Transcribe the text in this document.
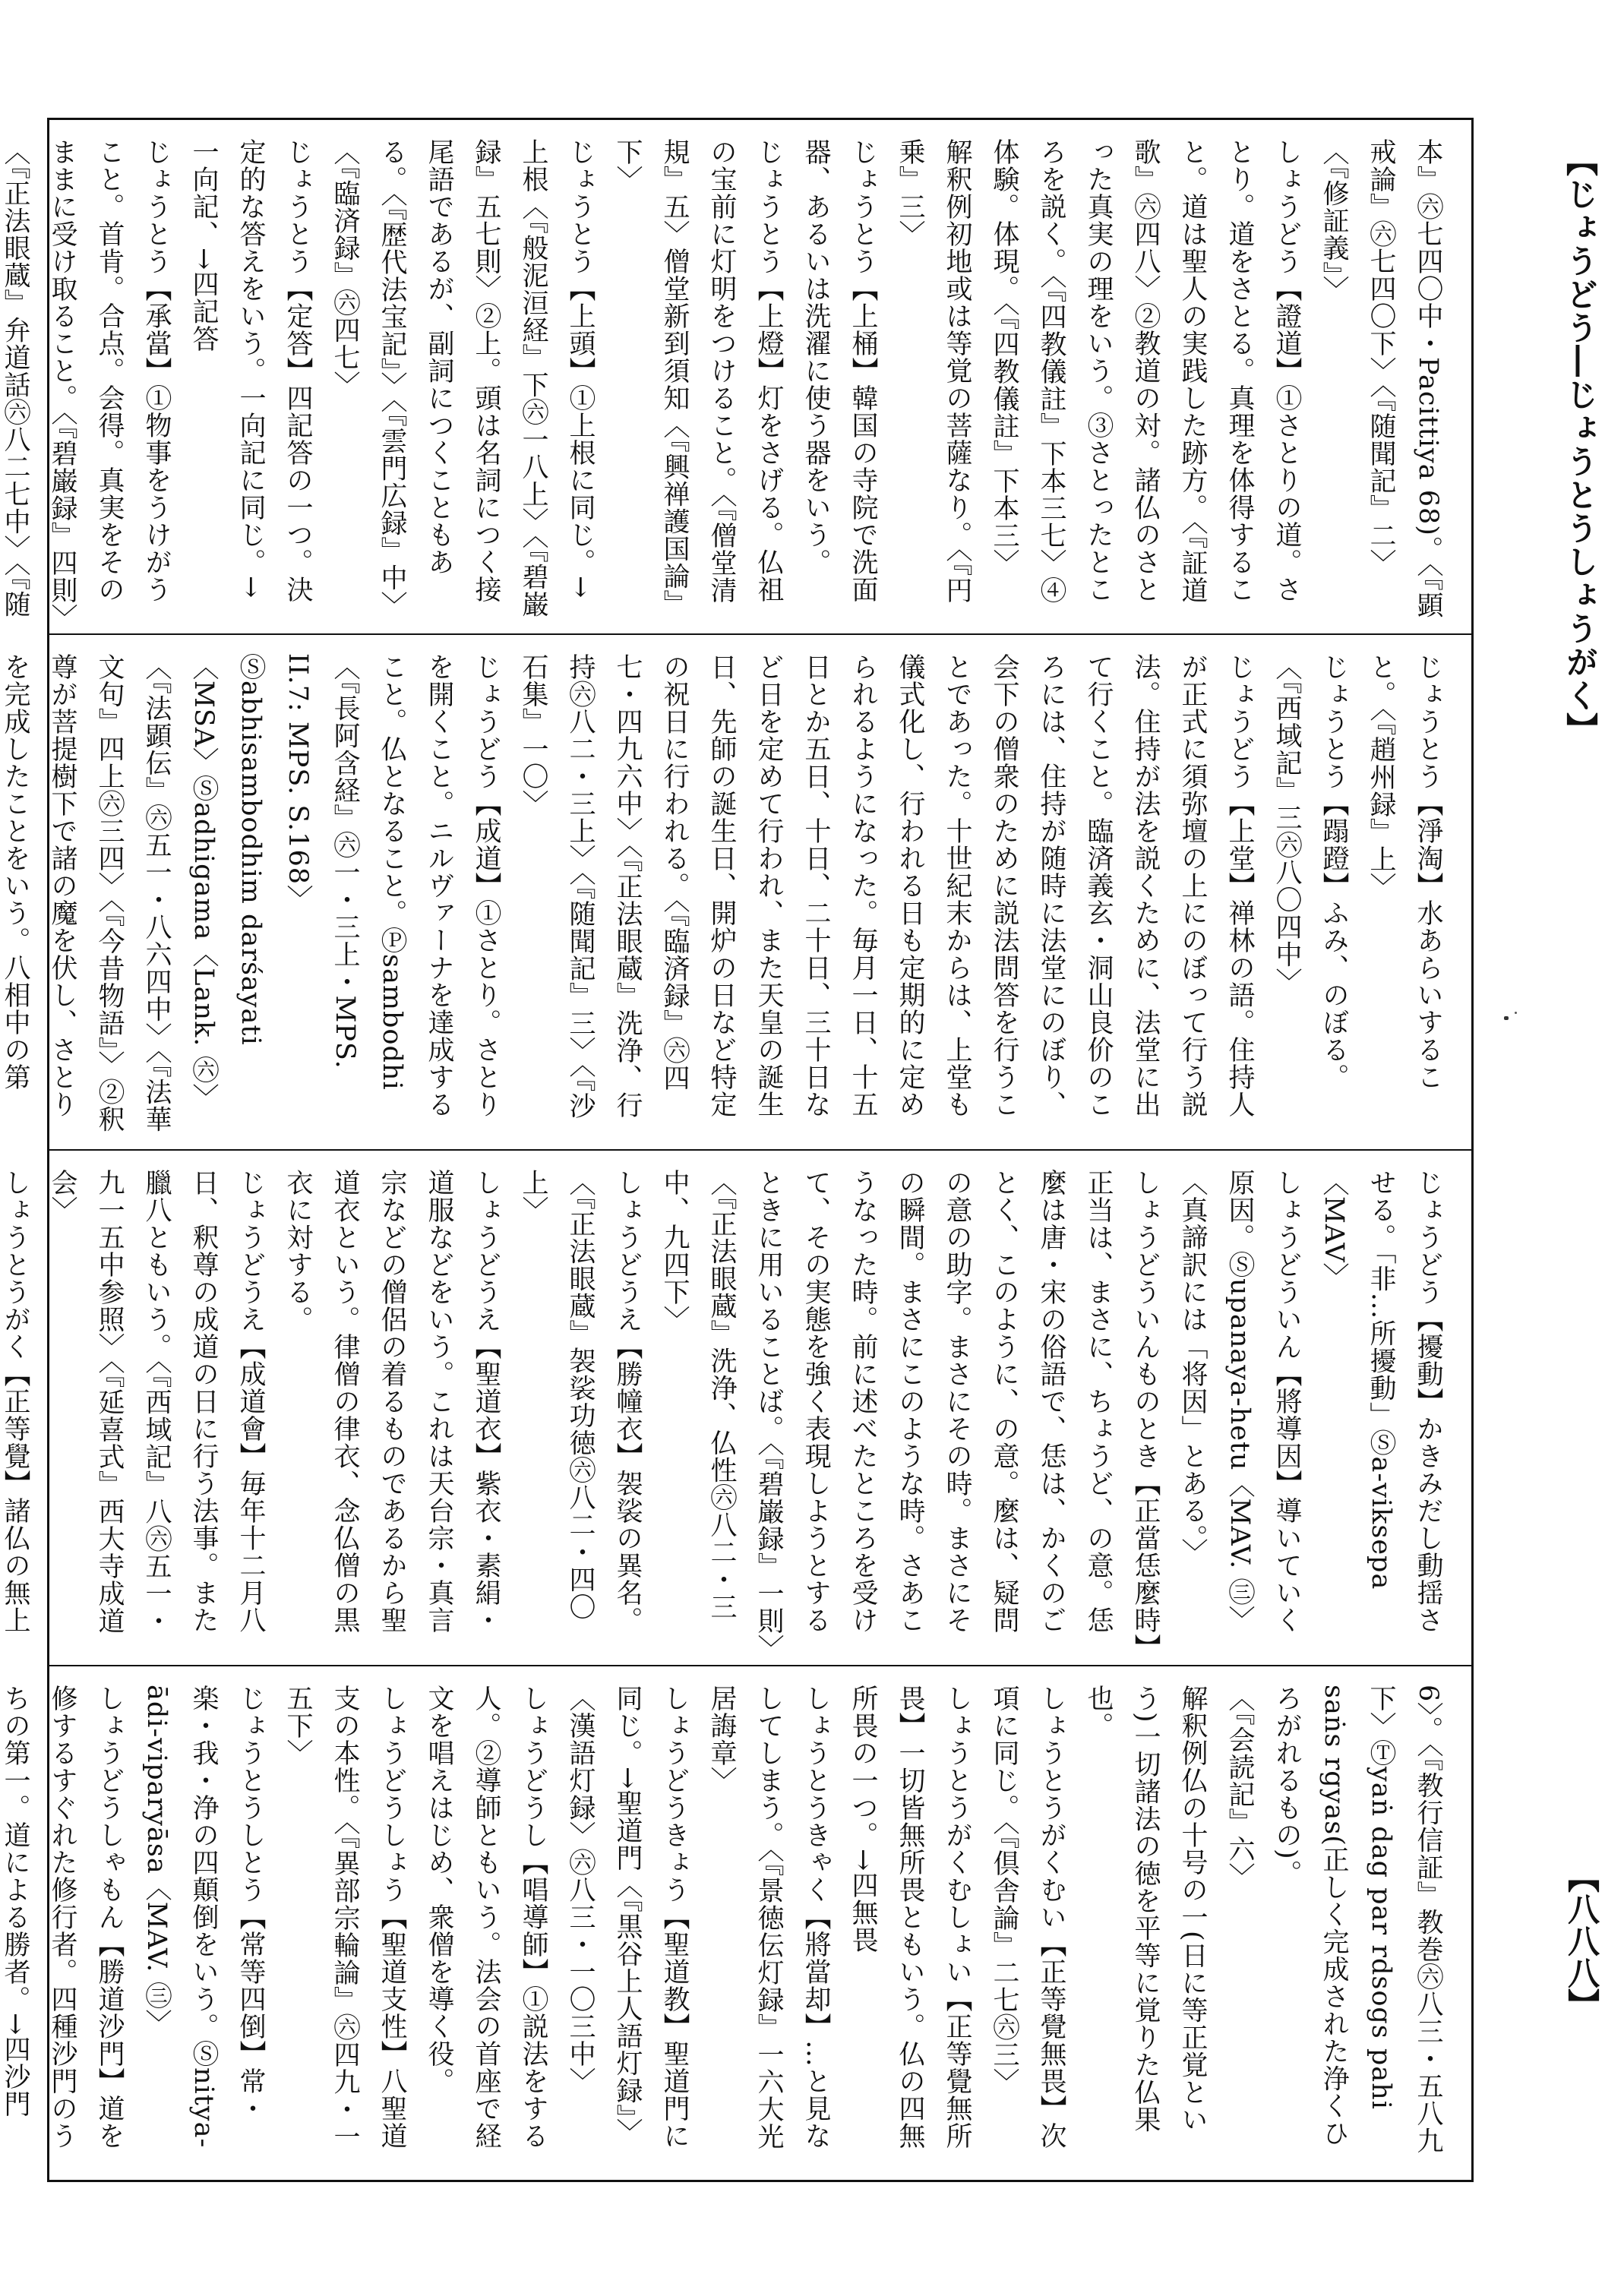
【じょうどう―じょうとうしょうがく】

本』㊅七四〇中・Pacittiya 68)。〈『顕戒論』㊅七四〇下〉〈『随聞記』二〉〈『修証義』〉

しょうどう【證道】①さとりの道。さとり。道をさとる。真理を体得すること。道は聖人の実践した跡方。〈『証道歌』㊅四八〉②教道の対。諸仏のさとった真実の理をいう。③さとったところを説く。〈『四教儀註』下本三七〉④体験。体現。〈『四教儀註』下本三〉

解釈例初地或は等覚の菩薩なり。〈『円乗』三〉

じょうとう【上桶】韓国の寺院で洗面器、あるいは洗濯に使う器をいう。

じょうとう【上燈】灯をさげる。仏祖の宝前に灯明をつけること。〈『僧堂清規』五〉僧堂新到須知〈『興禅護国論』下〉

じょうとう【上頭】①上根に同じ。→上根〈『般泥洹経』下㊅一八上〉〈『碧巌録』五七則〉②上。頭は名詞につく接尾語であるが、副詞につくこともある。〈『歴代法宝記』〉〈『雲門広録』中〉〈『臨済録』㊅四七〉

じょうとう【定答】四記答の一つ。決定的な答えをいう。一向記に同じ。→一向記、→四記答

じょうとう【承當】①物事をうけがうこと。首肯。合点。会得。真実をそのままに受け取ること。〈『碧巌録』四則〉〈『正法眼蔵』弁道話㊅八二七中〉〈『随

じょうとう【淨淘】水あらいすること。〈『趙州録』上〉

じょうとう【蹋蹬】ふみ、のぼる。〈『西域記』三㊅八〇四中〉

じょうどう【上堂】禅林の語。住持人が正式に須弥壇の上にのぼって行う説法。住持が法を説くために、法堂に出て行くこと。臨済義玄・洞山良价のころには、住持が随時に法堂にのぼり、会下の僧衆のために説法問答を行うことであった。十世紀末からは、上堂も儀式化し、行われる日も定期的に定められるようになった。毎月一日、十五日とか五日、十日、二十日、三十日など日を定めて行われ、また天皇の誕生日、先師の誕生日、開炉の日など特定の祝日に行われる。〈『臨済録』㊅四七・四九六中〉〈『正法眼蔵』洗浄、行持㊅八二・三上〉〈『随聞記』三〉〈『沙石集』一〇〉

じょうどう【成道】①さとり。さとりを開くこと。ニルヴァーナを達成すること。仏となること。Ⓟsambodhi〈『長阿含経』㊅一・三上・MPS. II.7: MPS. S.168〉Ⓢabhisambodhim darśayati〈MSA〉Ⓢadhigama〈Lank. ㊅〉〈『法顕伝』㊅五一・八六四中〉〈『法華文句』四上㊅三四〉〈『今昔物語』〉②釈尊が菩提樹下で諸の魔を伏し、さとりを完成したことをいう。八相中の第

じょうどう【擾動】かきみだし動揺させる。「非…所擾動」Ⓢa-viksepa〈MAV〉

しょうどういん【將導因】導いていく原因。Ⓢupanaya-hetu〈MAV. ㊂〉〈真諦訳には「将因」とある。〉

しょうどういんものとき【正當恁麼時】正当は、まさに、ちょうど、の意。恁麼は唐・宋の俗語で、恁は、かくのごとく、このように、の意。麼は、疑問の意の助字。まさにその時。まさにその瞬間。まさにこのような時。さあこうなった時。前に述べたところを受けて、その実態を強く表現しようとするときに用いることば。〈『碧巌録』一則〉〈『正法眼蔵』洗浄、仏性㊅八二・三中、九四下〉

しょうどうえ【勝幢衣】袈裟の異名。〈『正法眼蔵』袈裟功徳㊅八二・四〇上〉

しょうどうえ【聖道衣】紫衣・素絹・道服などをいう。これは天台宗・真言宗などの僧侶の着るものであるから聖道衣という。律僧の律衣、念仏僧の黒衣に対する。

じょうどうえ【成道會】毎年十二月八日、釈尊の成道の日に行う法事。また臘八ともいう。〈『西域記』八㊅五一・九一五中参照〉〈『延喜式』西大寺成道会〉

しょうとうがく【正等覺】諸仏の無上

6〉。〈『教行信証』教巻㊅八三・五八九下〉Ⓣyaṅ dag par rdsogs pahi saṅs rgyas(正しく完成された浄くひろがれるもの)。

〈『会読記』六〉

解釈例仏の十号の一(日に等正覚という)一切諸法の徳を平等に覚りた仏果也。

しょうとうがくむい【正等覺無畏】次項に同じ。〈『倶舎論』二七㊅三〉

しょうとうがくむしょい【正等覺無所畏】一切皆無所畏ともいう。仏の四無所畏の一つ。→四無畏

しょうとうきゃく【將當却】…と見なしてしまう。〈『景徳伝灯録』一六大光居誨章〉

しょうどうきょう【聖道教】聖道門に同じ。→聖道門〈『黒谷上人語灯録』〉〈漢語灯録〉㊅八三・一〇三中〉

しょうどうし【唱導師】①説法をする人。②導師ともいう。法会の首座で経文を唱えはじめ、衆僧を導く役。

しょうどうしょう【聖道支性】八聖道支の本性。〈『異部宗輪論』㊅四九・一五下〉

じょうとうしとう【常等四倒】常・楽・我・浄の四顛倒をいう。Ⓢnitya-ādi-viparyāsa〈MAV. ㊂〉

しょうどうしゃもん【勝道沙門】道を修するすぐれた修行者。四種沙門のうちの第一。道による勝者。→四沙門

【八八八】
